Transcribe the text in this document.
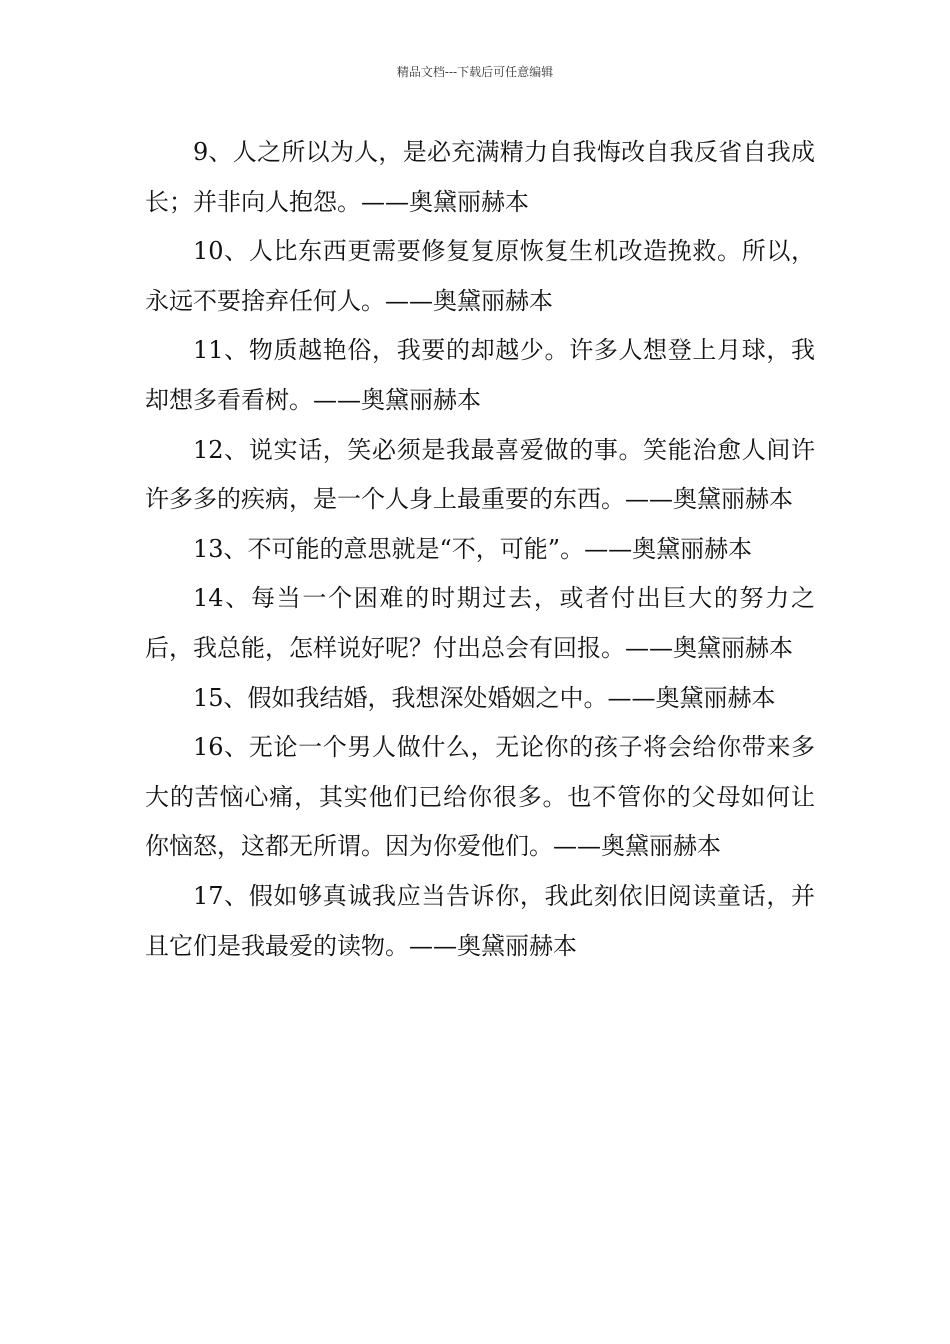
精品文档---下载后可任意编辑

9、人之所以为人，是必充满精力自我悔改自我反省自我成长；并非向人抱怨。——奥黛丽赫本

10、人比东西更需要修复复原恢复生机改造挽救。所以，永远不要捨弃任何人。——奥黛丽赫本

11、物质越艳俗，我要的却越少。许多人想登上月球，我却想多看看树。——奥黛丽赫本

12、说实话，笑必须是我最喜爱做的事。笑能治愈人间许许多多的疾病，是一个人身上最重要的东西。——奥黛丽赫本

13、不可能的意思就是“不，可能”。——奥黛丽赫本

14、每当一个困难的时期过去，或者付出巨大的努力之后，我总能，怎样说好呢？付出总会有回报。——奥黛丽赫本

15、假如我结婚，我想深处婚姻之中。——奥黛丽赫本

16、无论一个男人做什么，无论你的孩子将会给你带来多大的苦恼心痛，其实他们已给你很多。也不管你的父母如何让你恼怒，这都无所谓。因为你爱他们。——奥黛丽赫本

17、假如够真诚我应当告诉你，我此刻依旧阅读童话，并且它们是我最爱的读物。——奥黛丽赫本
